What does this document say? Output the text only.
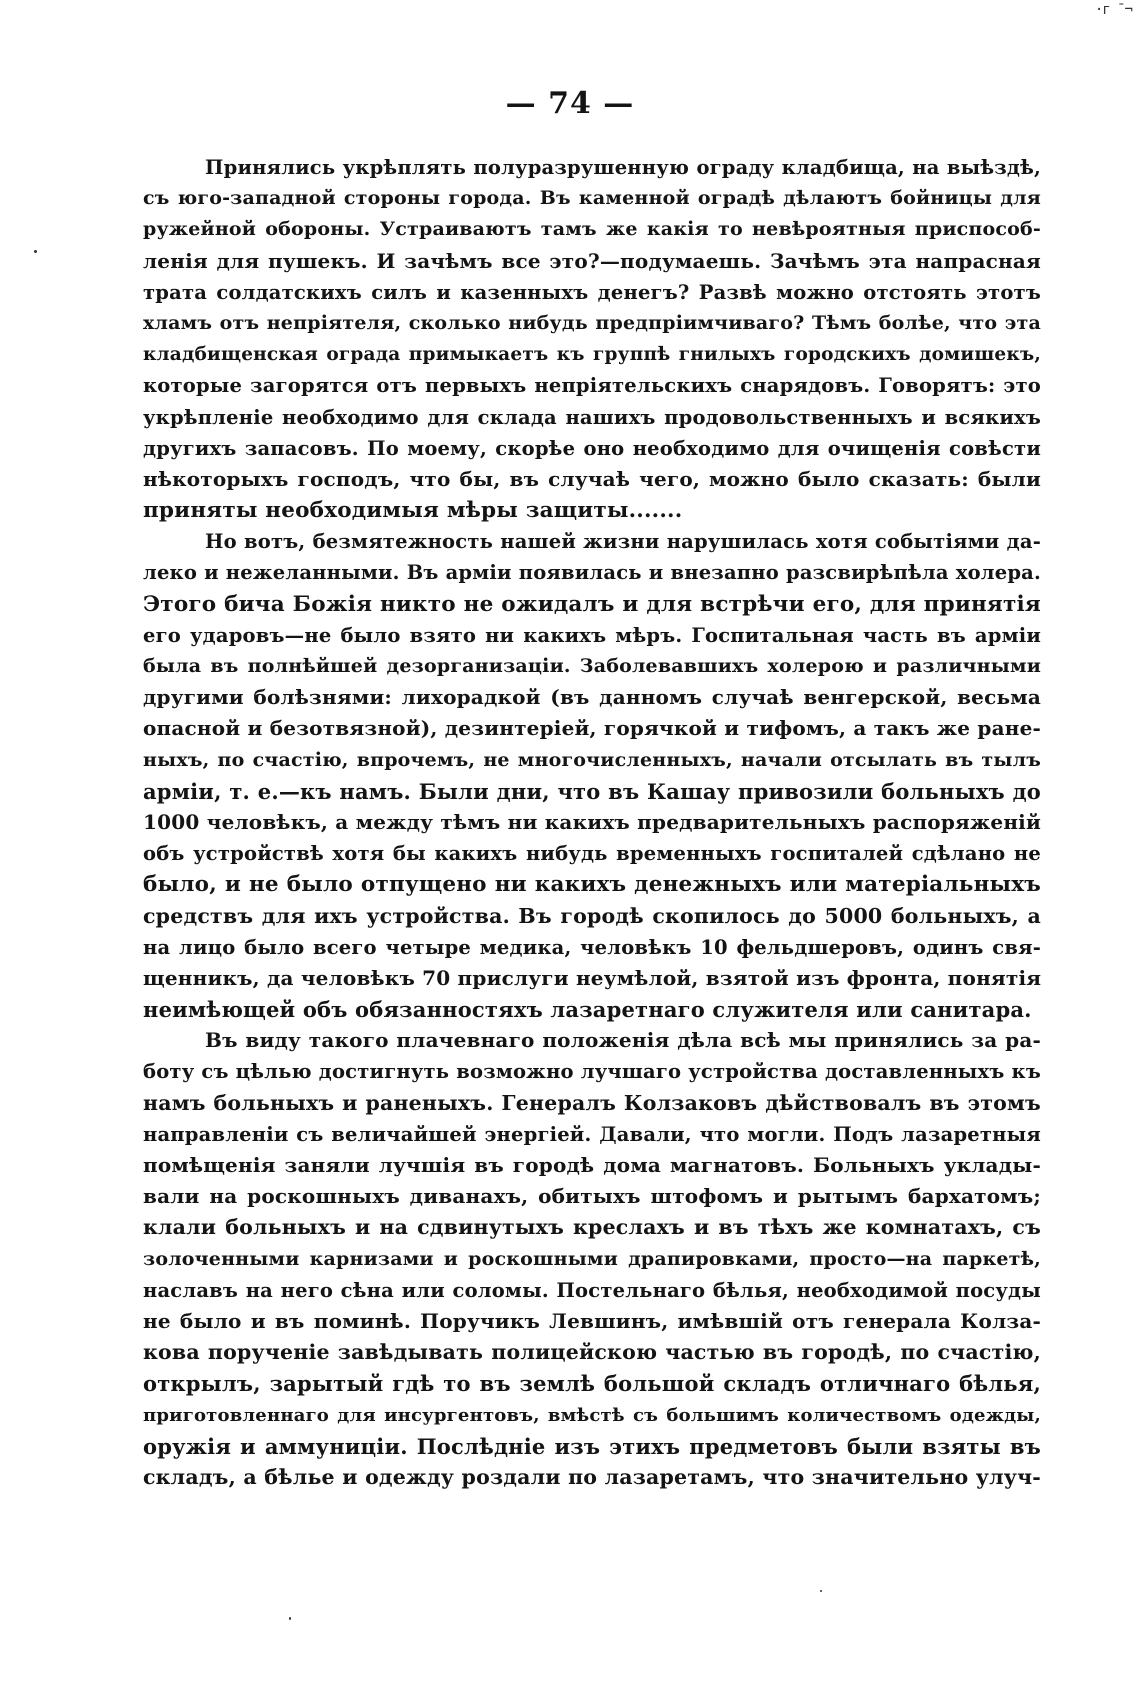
·г ¯¬
— 74 —
Принялись укрѣплять полуразрушенную ограду кладбища, на выѣздѣ,
съ юго-западной стороны города. Въ каменной оградѣ дѣлаютъ бойницы для
ружейной обороны. Устраиваютъ тамъ же какія то невѣроятныя приспособ-
ленія для пушекъ. И зачѣмъ все это?—подумаешь. Зачѣмъ эта напрасная
трата солдатскихъ силъ и казенныхъ денегъ? Развѣ можно отстоять этотъ
хламъ отъ непріятеля, сколько нибудь предпріимчиваго? Тѣмъ болѣе, что эта
кладбищенская ограда примыкаетъ къ группѣ гнилыхъ городскихъ домишекъ,
которые загорятся отъ первыхъ непріятельскихъ снарядовъ. Говорятъ: это
укрѣпленіе необходимо для склада нашихъ продовольственныхъ и всякихъ
другихъ запасовъ. По моему, скорѣе оно необходимо для очищенія совѣсти
нѣкоторыхъ господъ, что бы, въ случаѣ чего, можно было сказать: были
приняты необходимыя мѣры защиты.......
Но вотъ, безмятежность нашей жизни нарушилась хотя событіями да-
леко и нежеланными. Въ арміи появилась и внезапно разсвирѣпѣла холера.
Этого бича Божія никто не ожидалъ и для встрѣчи его, для принятія
его ударовъ—не было взято ни какихъ мѣръ. Госпитальная часть въ арміи
была въ полнѣйшей дезорганизаціи. Заболевавшихъ холерою и различными
другими болѣзнями: лихорадкой (въ данномъ случаѣ венгерской, весьма
опасной и безотвязной), дезинтеріей, горячкой и тифомъ, а такъ же ране-
ныхъ, по счастію, впрочемъ, не многочисленныхъ, начали отсылать въ тылъ
арміи, т. е.—къ намъ. Были дни, что въ Кашау привозили больныхъ до
1000 человѣкъ, а между тѣмъ ни какихъ предварительныхъ распоряженій
объ устройствѣ хотя бы какихъ нибудь временныхъ госпиталей сдѣлано не
было, и не было отпущено ни какихъ денежныхъ или матеріальныхъ
средствъ для ихъ устройства. Въ городѣ скопилось до 5000 больныхъ, а
на лицо было всего четыре медика, человѣкъ 10 фельдшеровъ, одинъ свя-
щенникъ, да человѣкъ 70 прислуги неумѣлой, взятой изъ фронта, понятія
неимѣющей объ обязанностяхъ лазаретнаго служителя или санитара.
Въ виду такого плачевнаго положенія дѣла всѣ мы принялись за ра-
боту съ цѣлью достигнуть возможно лучшаго устройства доставленныхъ къ
намъ больныхъ и раненыхъ. Генералъ Колзаковъ дѣйствовалъ въ этомъ
направленіи съ величайшей энергіей. Давали, что могли. Подъ лазаретныя
помѣщенія заняли лучшія въ городѣ дома магнатовъ. Больныхъ уклады-
вали на роскошныхъ диванахъ, обитыхъ штофомъ и рытымъ бархатомъ;
клали больныхъ и на сдвинутыхъ креслахъ и въ тѣхъ же комнатахъ, съ
золоченными карнизами и роскошными драпировками, просто—на паркетѣ,
наславъ на него сѣна или соломы. Постельнаго бѣлья, необходимой посуды
не было и въ поминѣ. Поручикъ Левшинъ, имѣвшій отъ генерала Колза-
кова порученіе завѣдывать полицейскою частью въ городѣ, по счастію,
открылъ, зарытый гдѣ то въ землѣ большой складъ отличнаго бѣлья,
приготовленнаго для инсургентовъ, вмѣстѣ съ большимъ количествомъ одежды,
оружія и аммуниціи. Послѣдніе изъ этихъ предметовъ были взяты въ
складъ, а бѣлье и одежду роздали по лазаретамъ, что значительно улуч-
